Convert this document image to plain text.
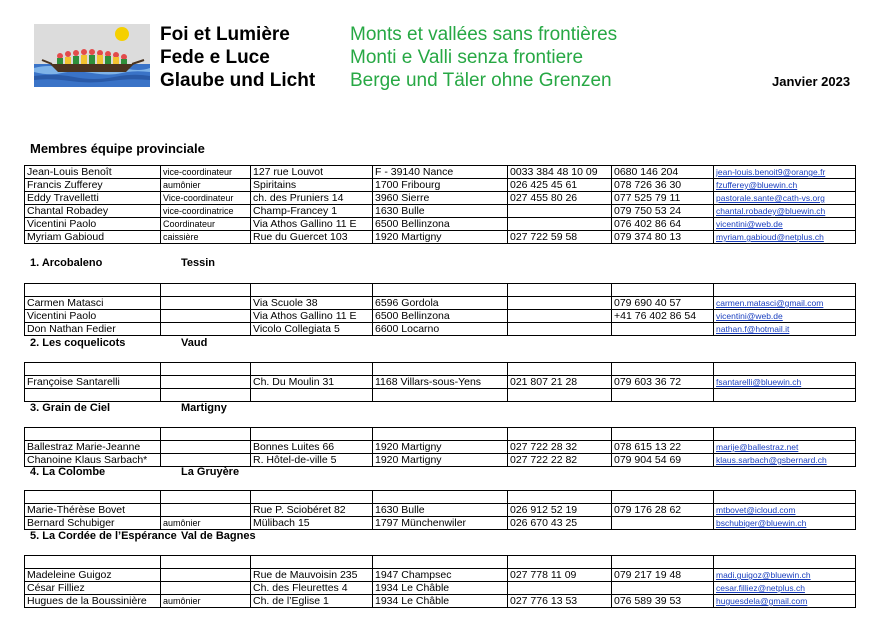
Foi et Lumière
Fede e Luce
Glaube und Licht
Monts et vallées sans frontières
Monti e Valli senza frontiere
Berge und Täler ohne Grenzen	Janvier 2023
Membres équipe provinciale
Jean-Louis Benoît	vice-coordinateur	127 rue Louvot	F - 39140 Nance	0033 384 48 10 09	0680 146 204	jean-louis.benoit9@orange.fr
Francis Zufferey	aumônier	Spiritains	1700 Fribourg	026 425 45 61	078 726 36 30	fzufferey@bluewin.ch
Eddy Travelletti	Vice-coordinateur	ch. des Pruniers 14	3960 Sierre	027 455 80 26	077 525 79 11	pastorale.sante@cath-vs.org
Chantal Robadey	vice-coordinatrice	Champ-Francey 1	1630 Bulle		079 750 53 24	chantal.robadey@bluewin.ch
Vicentini Paolo	Coordinateur	Via Athos Gallino 11 E	6500 Bellinzona		076 402 86 64	vicentini@web.de
Myriam Gabioud	caissière	Rue du Guercet 103	1920 Martigny	027 722 59 58	079 374 80 13	myriam.gabioud@netplus.ch
1. Arcobaleno	Tessin

Carmen Matasci		Via Scuole 38	6596 Gordola		079 690 40 57	carmen.matasci@gmail.com
Vicentini Paolo		Via Athos Gallino 11 E	6500 Bellinzona		+41 76 402 86 54	vicentini@web.de
Don Nathan Fedier		Vicolo Collegiata 5	6600 Locarno			nathan.f@hotmail.it
2. Les coquelicots	Vaud

Françoise Santarelli		Ch. Du Moulin 31	1168 Villars-sous-Yens	021 807 21 28	079 603 36 72	fsantarelli@bluewin.ch

3. Grain de Ciel	Martigny

Ballestraz Marie-Jeanne		Bonnes Luites 66	1920 Martigny	027 722 28 32	078 615 13 22	marije@ballestraz.net
Chanoine Klaus Sarbach*		R. Hôtel-de-ville 5	1920 Martigny	027 722 22 82	079 904 54 69	klaus.sarbach@gsbernard.ch
4. La Colombe	La Gruyère

Marie-Thérèse Bovet		Rue P. Sciobéret 82	1630 Bulle	026 912 52 19	079 176 28 62	mtbovet@icloud.com
Bernard Schubiger	aumônier	Mülibach 15	1797 Münchenwiler	026 670 43 25		bschubiger@bluewin.ch
5. La Cordée de l’Espérance Val de Bagnes

Madeleine Guigoz		Rue de Mauvoisin 235	1947 Champsec	027 778 11 09	079 217 19 48	madi.guigoz@bluewin.ch
César Filliez		Ch. des Fleurettes 4	1934 Le Châble			cesar.filliez@netplus.ch
Hugues de la Boussinière	aumônier	Ch. de l’Eglise 1	1934 Le Châble	027 776 13 53	076 589 39 53	huguesdela@gmail.com
